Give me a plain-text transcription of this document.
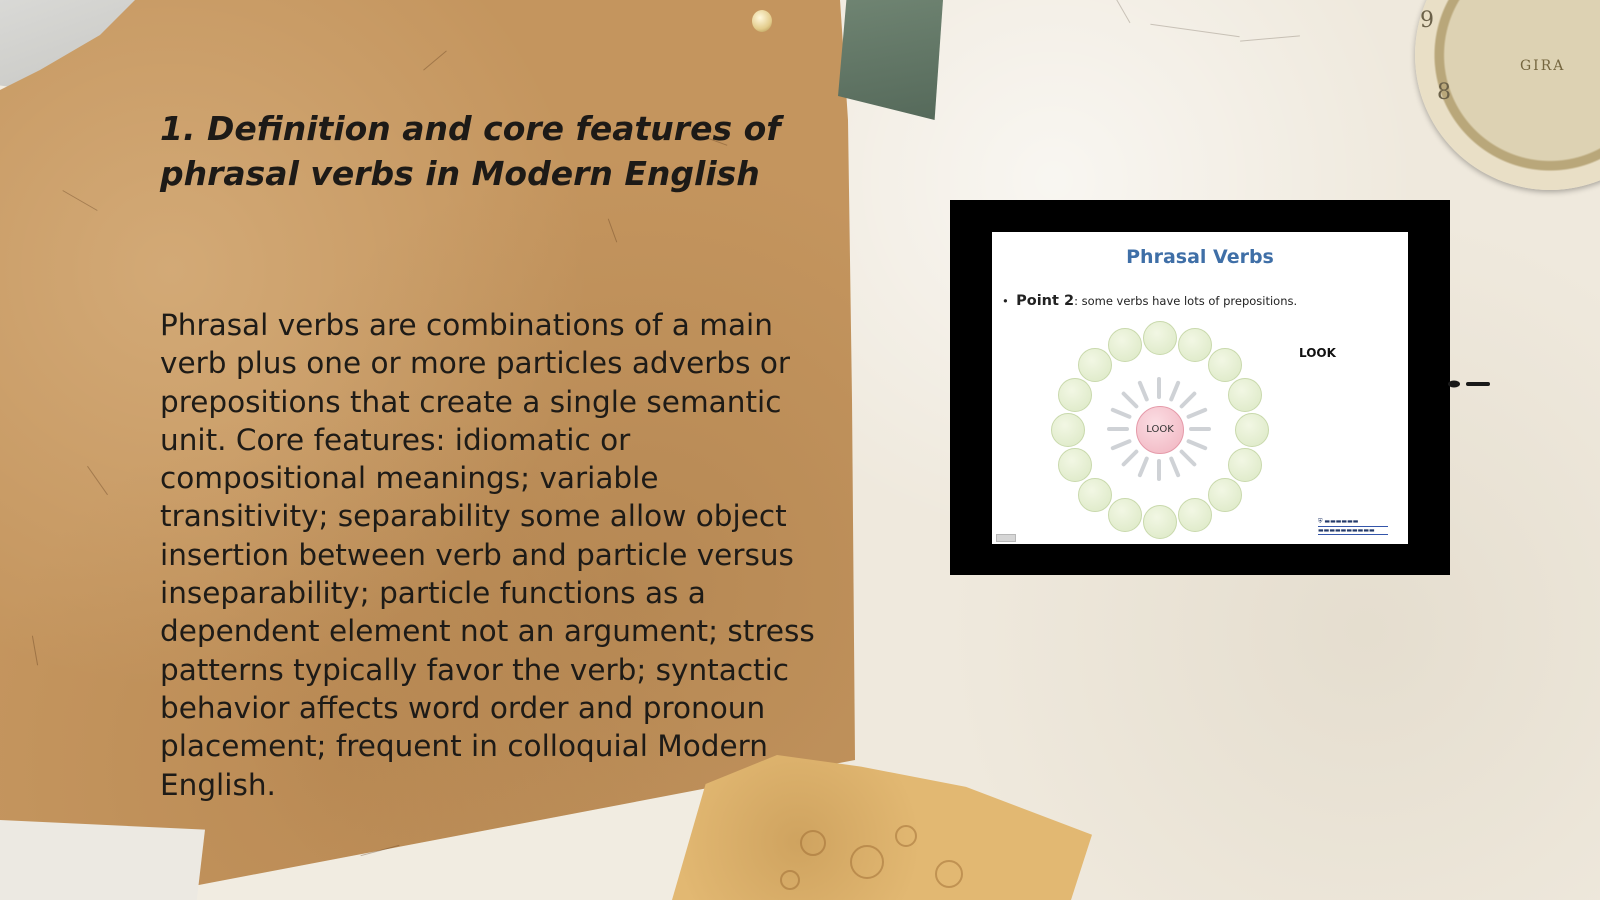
9
8
GIRA
1. Definition and core features of phrasal verbs in Modern English

Phrasal verbs are combinations of a main verb plus one or more particles adverbs or prepositions that create a single semantic unit. Core features: idiomatic or compositional meanings; variable transitivity; separability some allow object insertion between verb and particle versus inseparability; particle functions as a dependent element not an argument; stress patterns typically favor the verb; syntactic behavior affects word order and pronoun placement; frequent in colloquial Modern English.

Phrasal Verbs
• Point 2: some verbs have lots of prepositions.
LOOK
LOOK
⛨ ▬▬▬▬▬▬
▬▬▬▬▬▬▬▬▬▬
